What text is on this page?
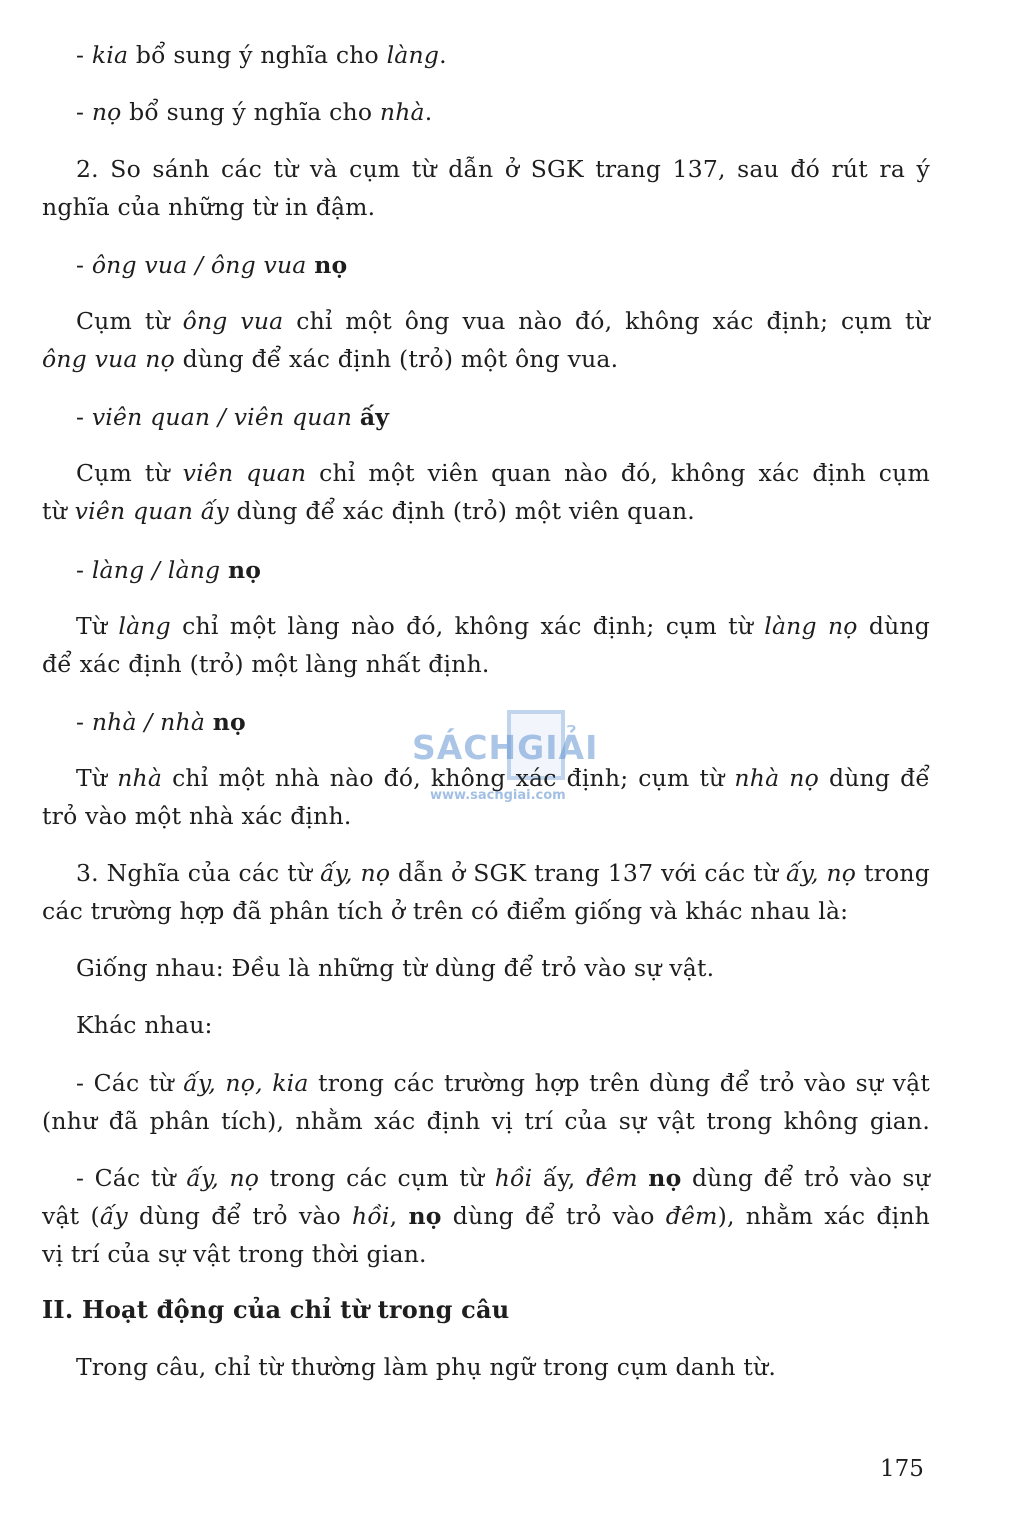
- kia bổ sung ý nghĩa cho làng.

- nọ bổ sung ý nghĩa cho nhà.

2. So sánh các từ và cụm từ dẫn ở SGK trang 137, sau đó rút ra ý

nghĩa của những từ in đậm.

- ông vua / ông vua nọ

Cụm từ ông vua chỉ một ông vua nào đó, không xác định; cụm từ

ông vua nọ dùng để xác định (trỏ) một ông vua.

- viên quan / viên quan ấy

Cụm từ viên quan chỉ một viên quan nào đó, không xác định cụm

từ viên quan ấy dùng để xác định (trỏ) một viên quan.

- làng / làng nọ

Từ làng chỉ một làng nào đó, không xác định; cụm từ làng nọ dùng

để xác định (trỏ) một làng nhất định.

- nhà / nhà nọ

SÁCHGIẢI
www.sachgiai.com

Từ nhà chỉ một nhà nào đó, không xác định; cụm từ nhà nọ dùng để

trỏ vào một nhà xác định.

3. Nghĩa của các từ ấy, nọ dẫn ở SGK trang 137 với các từ ấy, nọ trong

các trường hợp đã phân tích ở trên có điểm giống và khác nhau là:

Giống nhau: Đều là những từ dùng để trỏ vào sự vật.

Khác nhau:

- Các từ ấy, nọ, kia trong các trường hợp trên dùng để trỏ vào sự vật

(như đã phân tích), nhằm xác định vị trí của sự vật trong không gian.

- Các từ ấy, nọ trong các cụm từ hồi ấy, đêm nọ dùng để trỏ vào sự

vật (ấy dùng để trỏ vào hồi, nọ dùng để trỏ vào đêm), nhằm xác định

vị trí của sự vật trong thời gian.

II. Hoạt động của chỉ từ trong câu

Trong câu, chỉ từ thường làm phụ ngữ trong cụm danh từ.

175
